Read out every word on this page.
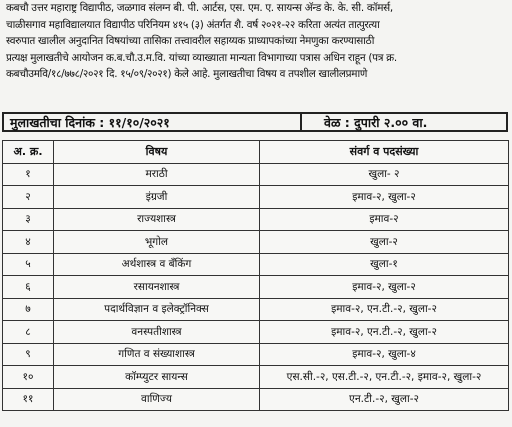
कबचौ उत्तर महाराष्ट्र विद्यापीठ, जळगाव संलग्न बी. पी. आर्टस, एस. एम. ए. सायन्स अ‍ॅन्ड के. के. सी. कॉमर्स,
चाळीसगाव महाविद्यालयात विद्यापीठ परिनियम ४१५ (३) अंतर्गत शै. वर्ष २०२१-२२ करिता अत्यंत तात्पुरत्या
स्वरुपात खालील अनुदानित विषयांच्या तासिका तत्त्वावरील सहाय्यक प्राध्यापकांच्या नेमणुका करण्यासाठी
प्रत्यक्ष मुलाखतीचे आयोजन क.ब.चौ.उ.म.वि. यांच्या व्याख्याता मान्यता विभागाच्या पत्रास अधिन राहून (पत्र क्र.
कबचौउमवि/१८/७७८/२०२१ दि. १५/०९/२०२१) केले आहे. मुलाखतीचा विषय व तपशील खालीलप्रमाणे
मुलाखतीचा दिनांक : ११/१०/२०२१	वेळ : दुपारी २.०० वा.
अ. क्र.	विषय	संवर्ग व पदसंख्या
१	मराठी	खुला- २
२	इंग्रजी	इमाव-२, खुला-२
३	राज्यशास्त्र	इमाव-२
४	भूगोल	खुला-२
५	अर्थशास्त्र व बँकिंग	खुला-१
६	रसायनशास्त्र	इमाव-२, खुला-२
७	पदार्थविज्ञान व इलेक्ट्रॉनिक्स	इमाव-२, एन.टी.-२, खुला-२
८	वनस्पतीशास्त्र	इमाव-२, एन.टी.-२, खुला-२
९	गणित व संख्याशास्त्र	इमाव-२, खुला-४
१०	कॉम्प्युटर सायन्स	एस.सी.-२, एस.टी.-२, एन.टी.-२, इमाव-२, खुला-२
११	वाणिज्य	एन.टी.-२, खुला-२
